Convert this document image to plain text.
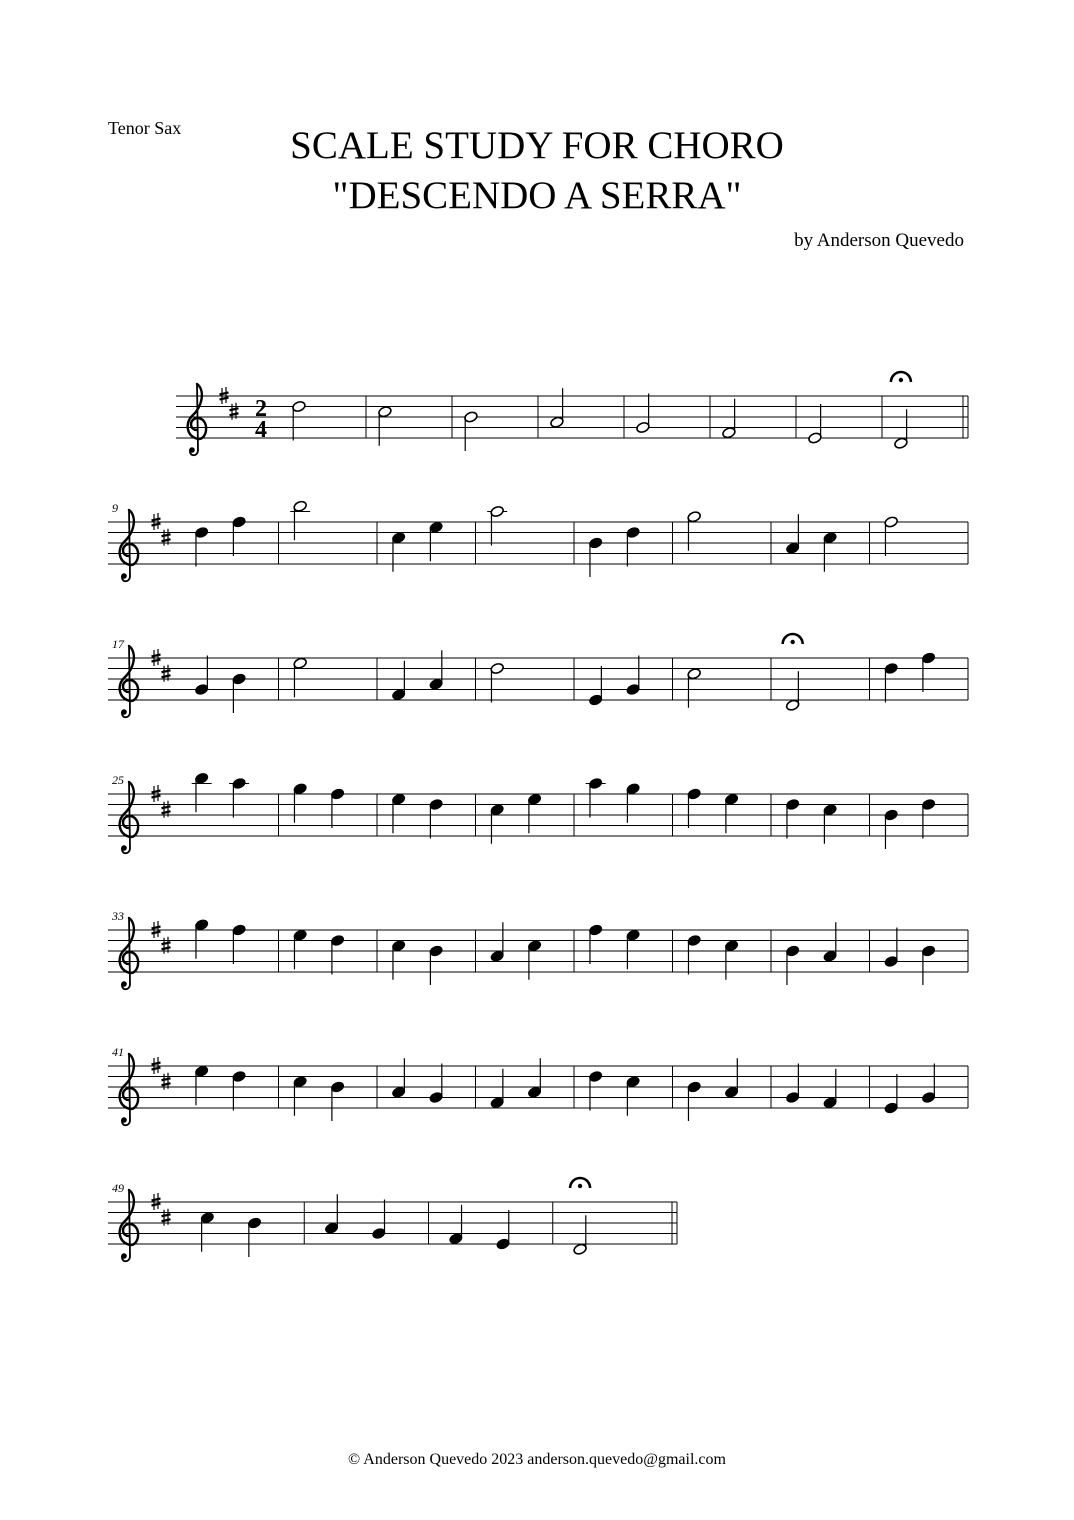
Tenor Sax	SCALE STUDY FOR CHORO
"DESCENDO A SERRA"
by Anderson Quevedo
2
4
9
17
25
33
41
49
© Anderson Quevedo 2023 anderson.quevedo@gmail.com
